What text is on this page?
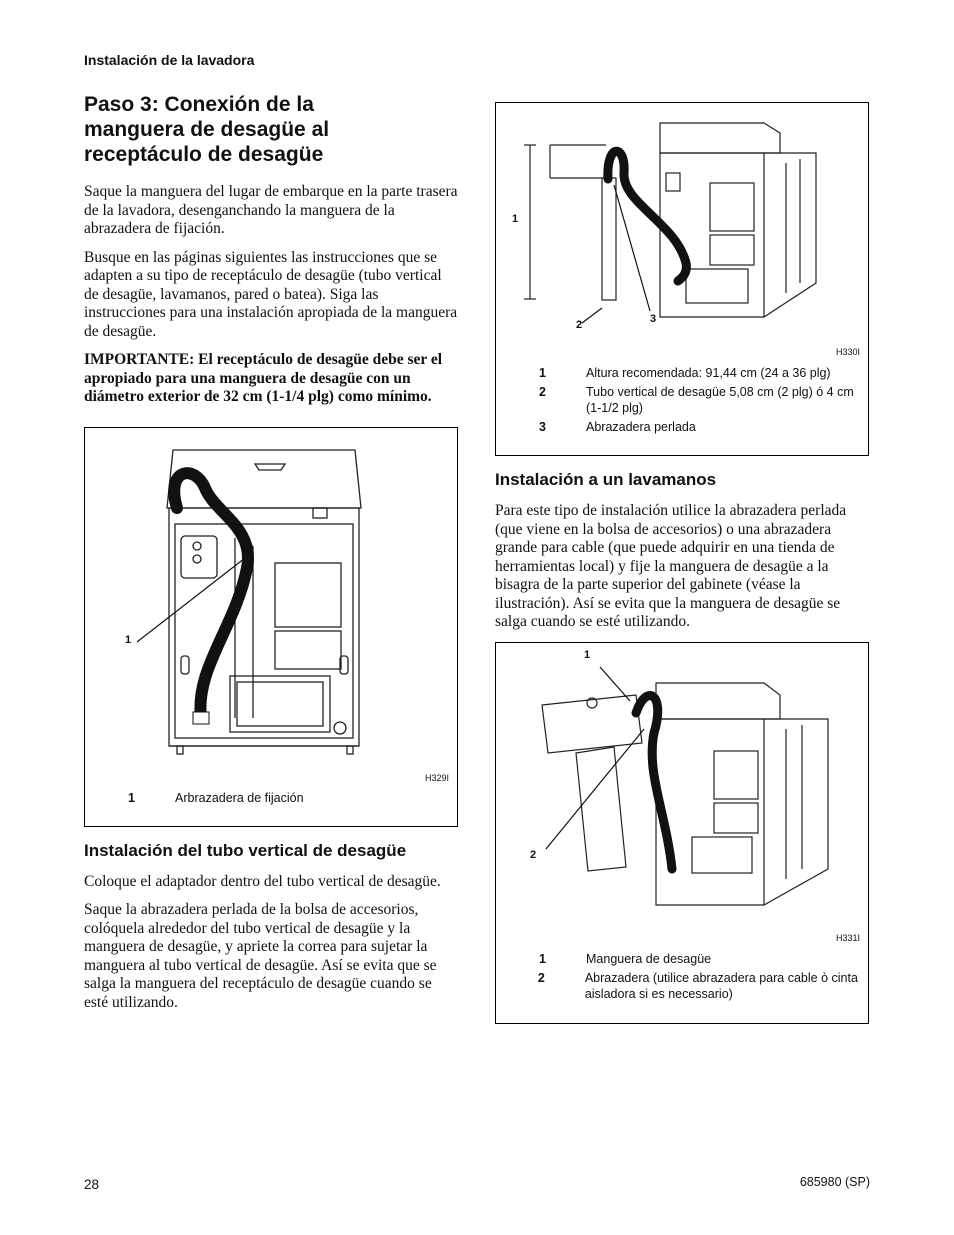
Instalación de la lavadora
Paso 3: Conexión de la
manguera de desagüe al
receptáculo de desagüe

Saque la manguera del lugar de embarque en la parte trasera de la lavadora, desenganchando la manguera de la abrazadera de fijación.

Busque en las páginas siguientes las instrucciones que se adapten a su tipo de receptáculo de desagüe (tubo vertical de desagüe, lavamanos, pared o batea). Siga las instrucciones para una instalación apropiada de la manguera de desagüe.

IMPORTANTE: El receptáculo de desagüe debe ser el apropiado para una manguera de desagüe con un diámetro exterior de 32 cm (1-1/4 plg) como mínimo.

1
H329I
1	Arbrazadera de fijación
Instalación del tubo vertical de desagüe

Coloque el adaptador dentro del tubo vertical de desagüe.

Saque la abrazadera perlada de la bolsa de accesorios, colóquela alrededor del tubo vertical de desagüe y la manguera de desagüe, y apriete la correa para sujetar la manguera al tubo vertical de desagüe. Así se evita que se salga la manguera del receptáculo de desagüe cuando se esté utilizando.

1
2	3
H330I
1	Altura recomendada: 91,44 cm (24 a 36 plg)
2	Tubo vertical de desagüe 5,08 cm (2 plg) ó 4 cm (1-1/2 plg)
3	Abrazadera perlada
Instalación a un lavamanos

Para este tipo de instalación utilice la abrazadera perlada (que viene en la bolsa de accesorios) o una abrazadera grande para cable (que puede adquirir en una tienda de herramientas local) y fije la manguera de desagüe a la bisagra de la parte superior del gabinete (véase la ilustración). Así se evita que la manguera de desagüe se salga cuando se esté utilizando.

1
2
H331I
1	Manguera de desagüe
2	Abrazadera (utilice abrazadera para cable ò cinta aisladora si es necessario)
28	685980 (SP)
